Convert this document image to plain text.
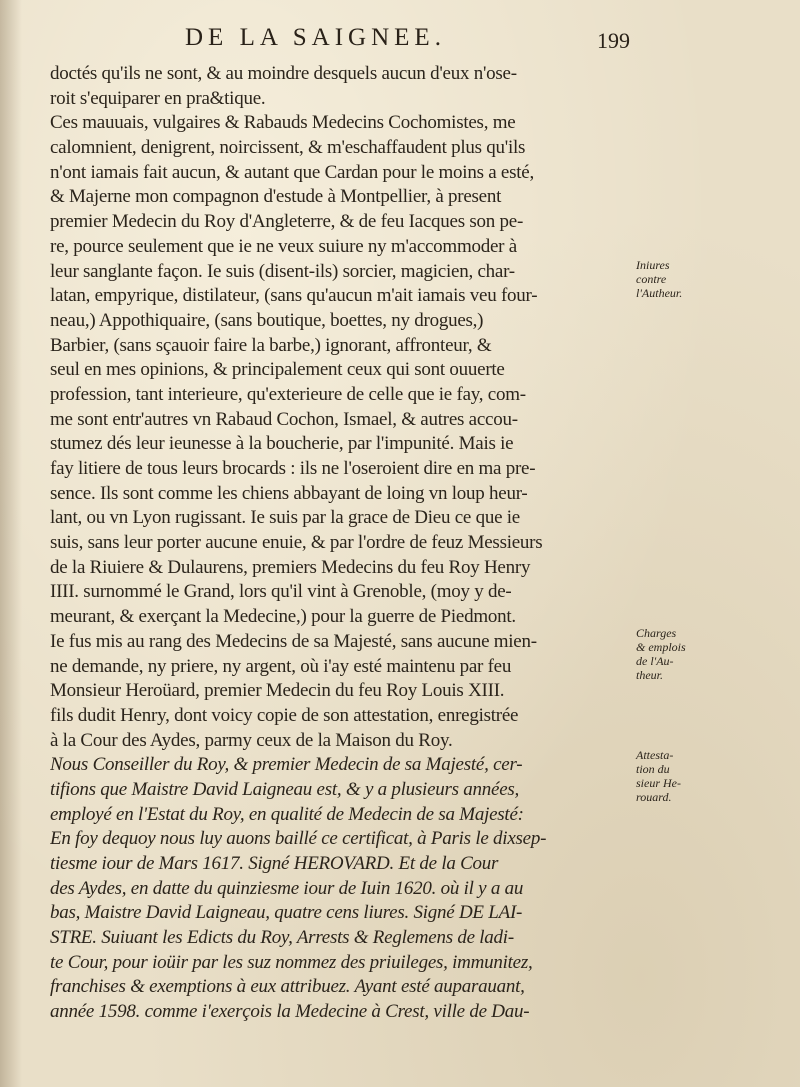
DE LA SAIGNEE.	199
doctés qu'ils ne sont, & au moindre desquels aucun d'eux n'ose-
roit s'equiparer en pra&tique.
Ces mauuais, vulgaires & Rabauds Medecins Cochomistes, me
calomnient, denigrent, noircissent, & m'eschaffaudent plus qu'ils
n'ont iamais fait aucun, & autant que Cardan pour le moins a esté,
& Majerne mon compagnon d'estude à Montpellier, à present
premier Medecin du Roy d'Angleterre, & de feu Iacques son pe-
re, pource seulement que ie ne veux suiure ny m'accommoder à
leur sanglante façon. Ie suis (disent-ils) sorcier, magicien, char-
latan, empyrique, distilateur, (sans qu'aucun m'ait iamais veu four-
neau,) Appothiquaire, (sans boutique, boettes, ny drogues,)
Barbier, (sans sçauoir faire la barbe,) ignorant, affronteur, &
seul en mes opinions, & principalement ceux qui sont ouuerte
profession, tant interieure, qu'exterieure de celle que ie fay, com-
me sont entr'autres vn Rabaud Cochon, Ismael, & autres accou-
stumez dés leur ieunesse à la boucherie, par l'impunité. Mais ie
fay litiere de tous leurs brocards : ils ne l'oseroient dire en ma pre-
sence. Ils sont comme les chiens abbayant de loing vn loup heur-
lant, ou vn Lyon rugissant. Ie suis par la grace de Dieu ce que ie
suis, sans leur porter aucune enuie, & par l'ordre de feuz Messieurs
de la Riuiere & Dulaurens, premiers Medecins du feu Roy Henry
IIII. surnommé le Grand, lors qu'il vint à Grenoble, (moy y de-
meurant, & exerçant la Medecine,) pour la guerre de Piedmont.
Ie fus mis au rang des Medecins de sa Majesté, sans aucune mien-
ne demande, ny priere, ny argent, où i'ay esté maintenu par feu
Monsieur Heroüard, premier Medecin du feu Roy Louis XIII.
fils dudit Henry, dont voicy copie de son attestation, enregistrée
à la Cour des Aydes, parmy ceux de la Maison du Roy.
Nous Conseiller du Roy, & premier Medecin de sa Majesté, cer-
tifions que Maistre David Laigneau est, & y a plusieurs années,
employé en l'Estat du Roy, en qualité de Medecin de sa Majesté:
En foy dequoy nous luy auons baillé ce certificat, à Paris le dixsep-
tiesme iour de Mars 1617. Signé HEROVARD. Et de la Cour
des Aydes, en datte du quinziesme iour de Iuin 1620. où il y a au
bas, Maistre David Laigneau, quatre cens liures. Signé DE LAI-
STRE. Suiuant les Edicts du Roy, Arrests & Reglemens de ladi-
te Cour, pour ioüir par les suz nommez des priuileges, immunitez,
franchises & exemptions à eux attribuez. Ayant esté auparauant,
année 1598. comme i'exerçois la Medecine à Crest, ville de Dau-
Iniures
contre
l'Autheur.
Charges
& emplois
de l'Au-
theur.
Attesta-
tion du
sieur He-
rouard.
